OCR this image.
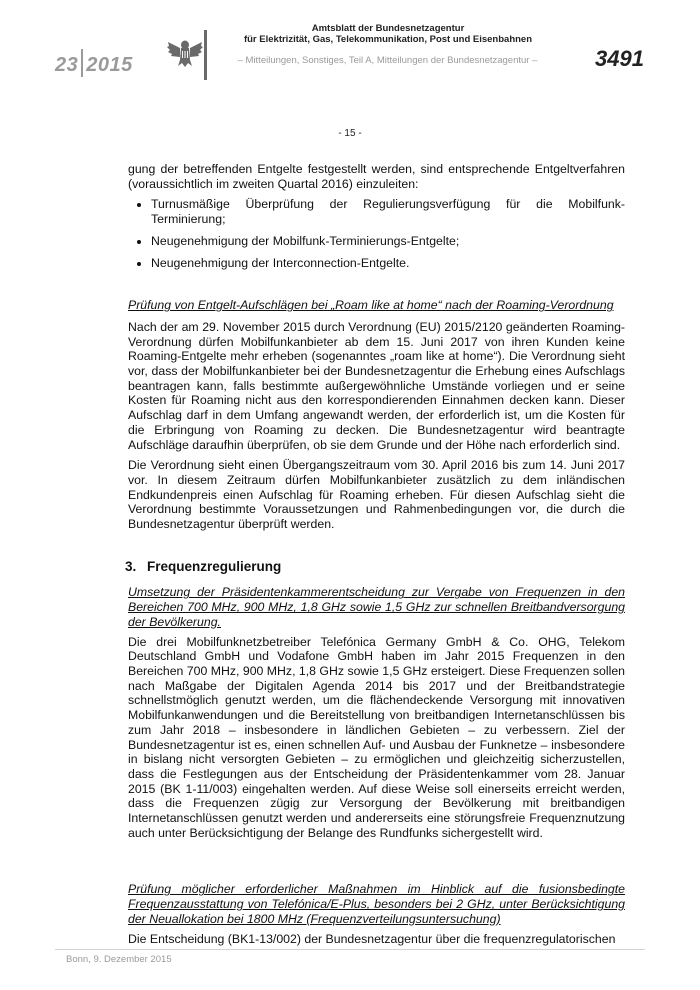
23 2015
Amtsblatt der Bundesnetzagentur
für Elektrizität, Gas, Telekommunikation, Post und Eisenbahnen
– Mitteilungen, Sonstiges, Teil A, Mitteilungen der Bundesnetzagentur –	3491
- 15 -

gung der betreffenden Entgelte festgestellt werden, sind entsprechende Entgeltverfahren (voraussichtlich im zweiten Quartal 2016) einzuleiten:

• Turnusmäßige Überprüfung der Regulierungsverfügung für die Mobilfunk-Terminierung;
• Neugenehmigung der Mobilfunk-Terminierungs-Entgelte;
• Neugenehmigung der Interconnection-Entgelte.
Prüfung von Entgelt-Aufschlägen bei „Roam like at home“ nach der Roaming-Verordnung

Nach der am 29. November 2015 durch Verordnung (EU) 2015/2120 geänderten Roaming-Verordnung dürfen Mobilfunkanbieter ab dem 15. Juni 2017 von ihren Kunden keine Roaming-Entgelte mehr erheben (sogenanntes „roam like at home“). Die Verordnung sieht vor, dass der Mobilfunkanbieter bei der Bundesnetzagentur die Erhebung eines Aufschlags beantragen kann, falls bestimmte außergewöhnliche Umstände vorliegen und er seine Kosten für Roaming nicht aus den korrespondierenden Einnahmen decken kann. Dieser Aufschlag darf in dem Umfang angewandt werden, der erforderlich ist, um die Kosten für die Erbringung von Roaming zu decken. Die Bundesnetzagentur wird beantragte Aufschläge daraufhin überprüfen, ob sie dem Grunde und der Höhe nach erforderlich sind.

Die Verordnung sieht einen Übergangszeitraum vom 30. April 2016 bis zum 14. Juni 2017 vor. In diesem Zeitraum dürfen Mobilfunkanbieter zusätzlich zu dem inländischen Endkundenpreis einen Aufschlag für Roaming erheben. Für diesen Aufschlag sieht die Verordnung bestimmte Voraussetzungen und Rahmenbedingungen vor, die durch die Bundesnetzagentur überprüft werden.

3. Frequenzregulierung
Umsetzung der Präsidentenkammerentscheidung zur Vergabe von Frequenzen in den Bereichen 700 MHz, 900 MHz, 1,8 GHz sowie 1,5 GHz zur schnellen Breitbandversorgung der Bevölkerung.

Die drei Mobilfunknetzbetreiber Telefónica Germany GmbH & Co. OHG, Telekom Deutschland GmbH und Vodafone GmbH haben im Jahr 2015 Frequenzen in den Bereichen 700 MHz, 900 MHz, 1,8 GHz sowie 1,5 GHz ersteigert. Diese Frequenzen sollen nach Maßgabe der Digitalen Agenda 2014 bis 2017 und der Breitbandstrategie schnellstmöglich genutzt werden, um die flächendeckende Versorgung mit innovativen Mobilfunkanwendungen und die Bereitstellung von breitbandigen Internetanschlüssen bis zum Jahr 2018 – insbesondere in ländlichen Gebieten – zu verbessern. Ziel der Bundesnetzagentur ist es, einen schnellen Auf- und Ausbau der Funknetze – insbesondere in bislang nicht versorgten Gebieten – zu ermöglichen und gleichzeitig sicherzustellen, dass die Festlegungen aus der Entscheidung der Präsidentenkammer vom 28. Januar 2015 (BK 1-11/003) eingehalten werden. Auf diese Weise soll einerseits erreicht werden, dass die Frequenzen zügig zur Versorgung der Bevölkerung mit breitbandigen Internetanschlüssen genutzt werden und andererseits eine störungsfreie Frequenznutzung auch unter Berücksichtigung der Belange des Rundfunks sichergestellt wird.

Prüfung möglicher erforderlicher Maßnahmen im Hinblick auf die fusionsbedingte Frequenzausstattung von Telefónica/E-Plus, besonders bei 2 GHz, unter Berücksichtigung der Neuallokation bei 1800 MHz (Frequenzverteilungsuntersuchung)

Die Entscheidung (BK1-13/002) der Bundesnetzagentur über die frequenzregulatorischen

Bonn, 9. Dezember 2015
